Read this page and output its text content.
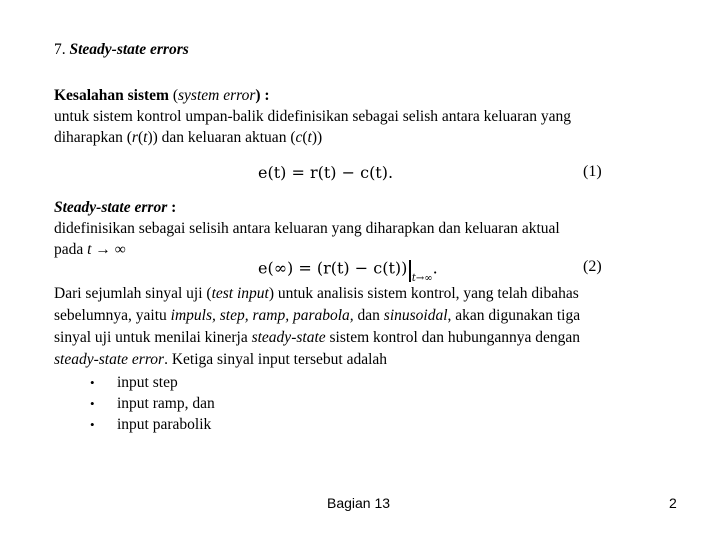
7. Steady-state errors
Kesalahan sistem (system error) :
untuk sistem kontrol umpan-balik didefinisikan sebagai selish antara keluaran yang
diharapkan (r(t)) dan keluaran aktuan (c(t))
e(t) = r(t) − c(t).	(1)
Steady-state error :
didefinisikan sebagai selisih antara keluaran yang diharapkan dan keluaran aktual
pada t → ∞
$e(\infty) = (r(t) - c(t))_{t\to\infty}$.	(2)
Dari sejumlah sinyal uji (test input) untuk analisis sistem kontrol, yang telah dibahas
sebelumnya, yaitu impuls, step, ramp, parabola, dan sinusoidal, akan digunakan tiga
sinyal uji untuk menilai kinerja steady-state sistem kontrol dan hubungannya dengan
steady-state error. Ketiga sinyal input tersebut adalah
• input step
• input ramp, dan
• input parabolik
Bagian 13	2
